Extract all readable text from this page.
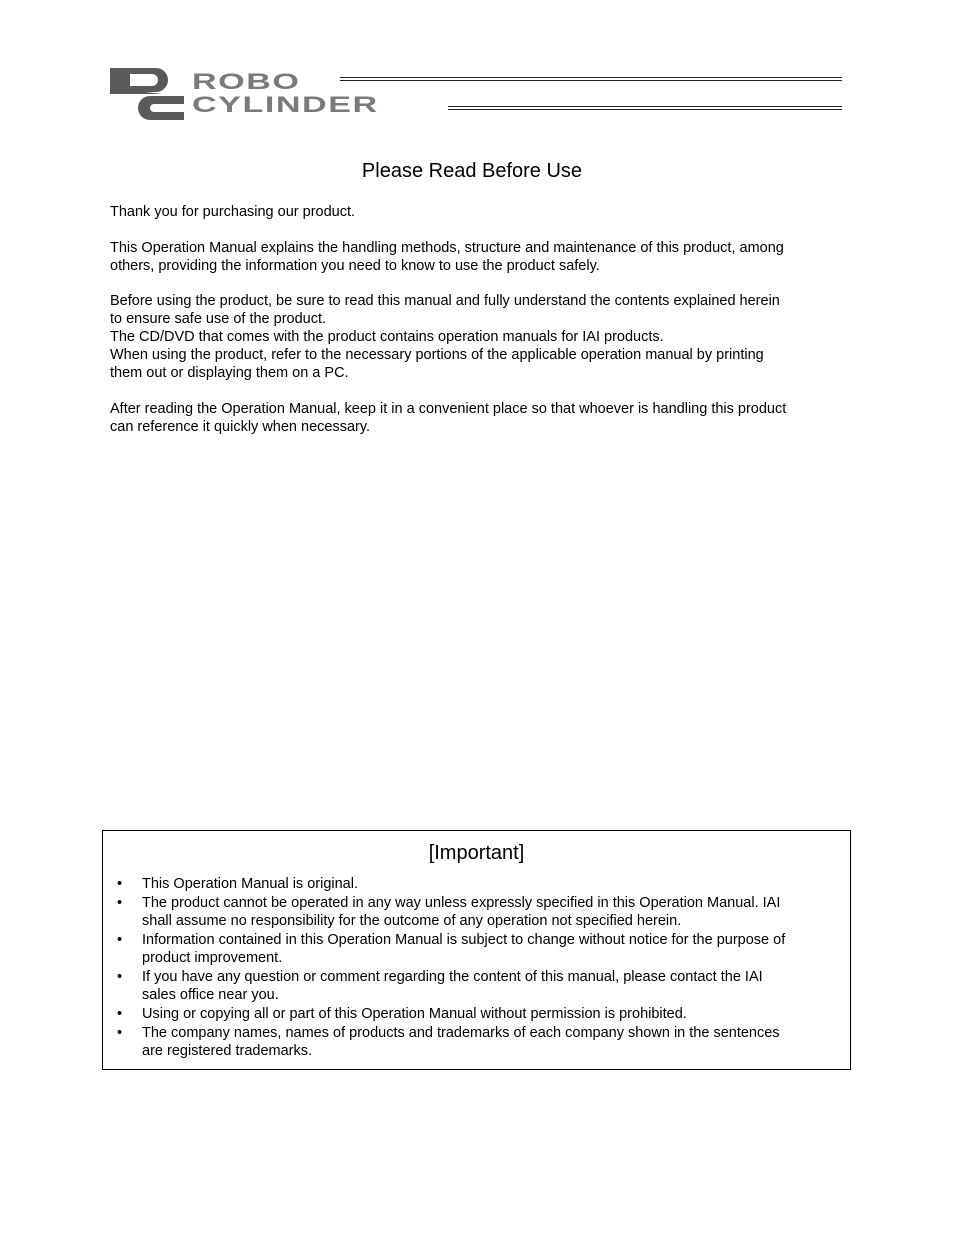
ROBO
CYLINDER
Please Read Before Use
Thank you for purchasing our product.
This Operation Manual explains the handling methods, structure and maintenance of this product, among
others, providing the information you need to know to use the product safely.
Before using the product, be sure to read this manual and fully understand the contents explained herein
to ensure safe use of the product.
The CD/DVD that comes with the product contains operation manuals for IAI products.
When using the product, refer to the necessary portions of the applicable operation manual by printing
them out or displaying them on a PC.
After reading the Operation Manual, keep it in a convenient place so that whoever is handling this product
can reference it quickly when necessary.
[Important]
• This Operation Manual is original.
• The product cannot be operated in any way unless expressly specified in this Operation Manual. IAI
shall assume no responsibility for the outcome of any operation not specified herein.
• Information contained in this Operation Manual is subject to change without notice for the purpose of
product improvement.
• If you have any question or comment regarding the content of this manual, please contact the IAI
sales office near you.
• Using or copying all or part of this Operation Manual without permission is prohibited.
• The company names, names of products and trademarks of each company shown in the sentences
are registered trademarks.
